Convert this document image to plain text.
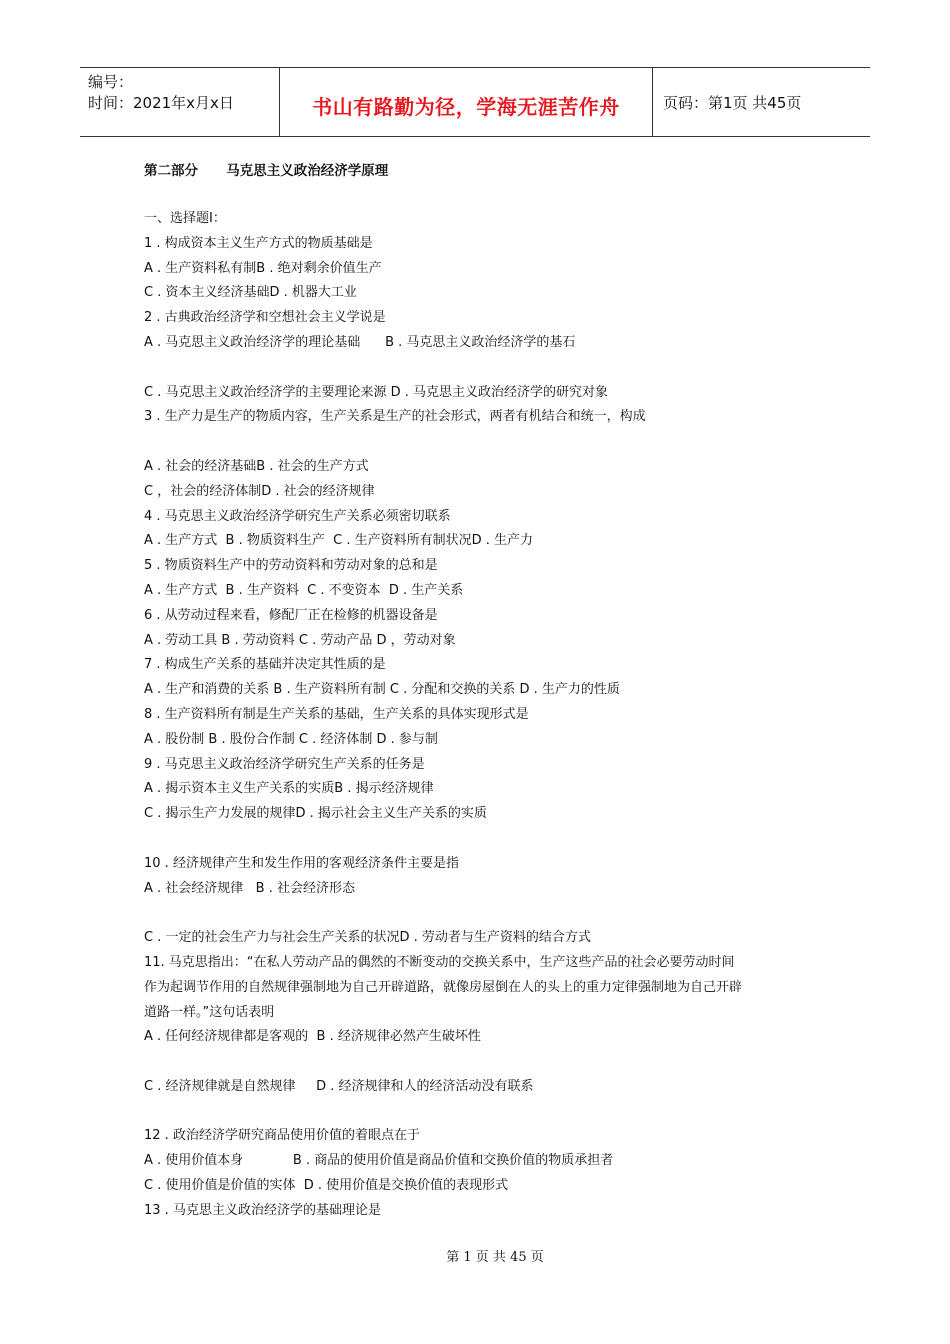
编号：
时间：2021年x月x日	书山有路勤为径，学海无涯苦作舟	页码：第1页 共45页
第二部分      马克思主义政治经济学原理
一、选择题Ⅰ：
1 . 构成资本主义生产方式的物质基础是
A . 生产资料私有制B . 绝对剩余价值生产
C . 资本主义经济基础D . 机器大工业
2 . 古典政治经济学和空想社会主义学说是
A . 马克思主义政治经济学的理论基础      B . 马克思主义政治经济学的基石
C . 马克思主义政治经济学的主要理论来源 D . 马克思主义政治经济学的研究对象
3 . 生产力是生产的物质内容，生产关系是生产的社会形式，两者有机结合和统一，构成
A . 社会的经济基础B . 社会的生产方式
C ，社会的经济体制D . 社会的经济规律
4 . 马克思主义政治经济学研究生产关系必须密切联系
A . 生产方式  B . 物质资料生产  C . 生产资料所有制状况D . 生产力
5 . 物质资料生产中的劳动资料和劳动对象的总和是
A . 生产方式  B . 生产资料  C . 不变资本  D . 生产关系
6 . 从劳动过程来看，修配厂正在检修的机器设备是
A . 劳动工具 B . 劳动资料 C . 劳动产品 D ，劳动对象
7 . 构成生产关系的基础并决定其性质的是
A . 生产和消费的关系 B . 生产资料所有制 C . 分配和交换的关系 D . 生产力的性质
8 . 生产资料所有制是生产关系的基础，生产关系的具体实现形式是
A . 股份制 B . 股份合作制 C . 经济体制 D . 参与制
9 . 马克思主义政治经济学研究生产关系的任务是
A . 揭示资本主义生产关系的实质B . 揭示经济规律
C . 揭示生产力发展的规律D . 揭示社会主义生产关系的实质
10 . 经济规律产生和发生作用的客观经济条件主要是指
A . 社会经济规律   B . 社会经济形态
C . 一定的社会生产力与社会生产关系的状况D . 劳动者与生产资料的结合方式
11. 马克思指出：“在私人劳动产品的偶然的不断变动的交换关系中，生产这些产品的社会必要劳动时间
作为起调节作用的自然规律强制地为自己开辟道路，就像房屋倒在人的头上的重力定律强制地为自己开辟
道路一样。”这句话表明
A . 任何经济规律都是客观的  B . 经济规律必然产生破坏性
C . 经济规律就是自然规律     D . 经济规律和人的经济活动没有联系
12 . 政治经济学研究商品使用价值的着眼点在于
A . 使用价值本身            B . 商品的使用价值是商品价值和交换价值的物质承担者
C . 使用价值是价值的实体  D . 使用价值是交换价值的表现形式
13 . 马克思主义政治经济学的基础理论是
第 1 页 共 45 页
